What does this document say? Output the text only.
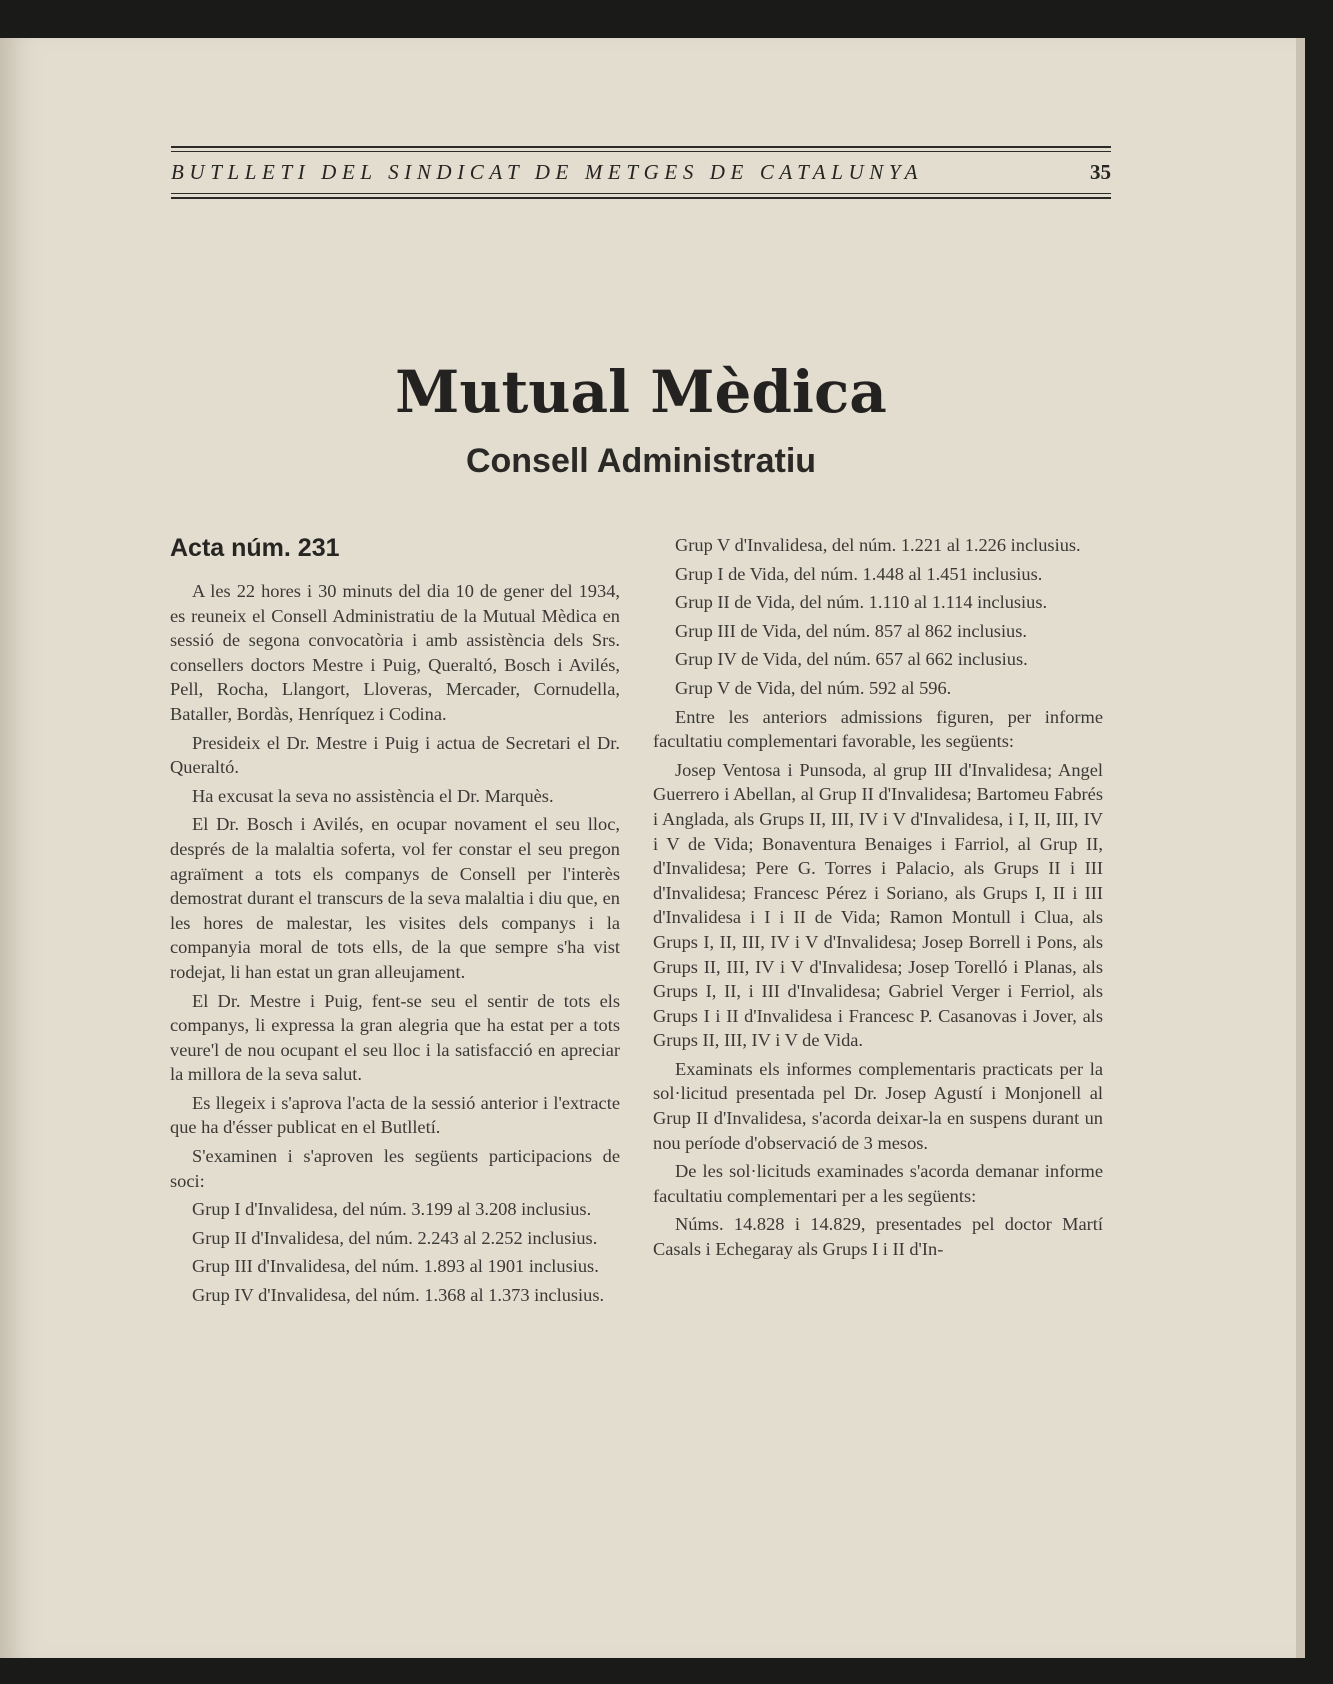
BUTLLETI DEL SINDICAT DE METGES DE CATALUNYA	35
Mutual Mèdica
Consell Administratiu
Acta núm. 231

A les 22 hores i 30 minuts del dia 10 de gener del 1934, es reuneix el Consell Administratiu de la Mutual Mèdica en sessió de segona convocatòria i amb assistència dels Srs. consellers doctors Mestre i Puig, Queraltó, Bosch i Avilés, Pell, Rocha, Llangort, Lloveras, Mercader, Cornudella, Bataller, Bordàs, Henríquez i Codina.

Presideix el Dr. Mestre i Puig i actua de Secretari el Dr. Queraltó.

Ha excusat la seva no assistència el Dr. Marquès.

El Dr. Bosch i Avilés, en ocupar novament el seu lloc, després de la malaltia soferta, vol fer constar el seu pregon agraïment a tots els companys de Consell per l'interès demostrat durant el transcurs de la seva malaltia i diu que, en les hores de malestar, les visites dels companys i la companyia moral de tots ells, de la que sempre s'ha vist rodejat, li han estat un gran alleujament.

El Dr. Mestre i Puig, fent-se seu el sentir de tots els companys, li expressa la gran alegria que ha estat per a tots veure'l de nou ocupant el seu lloc i la satisfacció en apreciar la millora de la seva salut.

Es llegeix i s'aprova l'acta de la sessió anterior i l'extracte que ha d'ésser publicat en el Butlletí.

S'examinen i s'aproven les següents participacions de soci:

Grup I d'Invalidesa, del núm. 3.199 al 3.208 inclusius.

Grup II d'Invalidesa, del núm. 2.243 al 2.252 inclusius.

Grup III d'Invalidesa, del núm. 1.893 al 1901 inclusius.

Grup IV d'Invalidesa, del núm. 1.368 al 1.373 inclusius.

Grup V d'Invalidesa, del núm. 1.221 al 1.226 inclusius.

Grup I de Vida, del núm. 1.448 al 1.451 inclusius.

Grup II de Vida, del núm. 1.110 al 1.114 inclusius.

Grup III de Vida, del núm. 857 al 862 inclusius.

Grup IV de Vida, del núm. 657 al 662 inclusius.

Grup V de Vida, del núm. 592 al 596.

Entre les anteriors admissions figuren, per informe facultatiu complementari favorable, les següents:

Josep Ventosa i Punsoda, al grup III d'Invalidesa; Angel Guerrero i Abellan, al Grup II d'Invalidesa; Bartomeu Fabrés i Anglada, als Grups II, III, IV i V d'Invalidesa, i I, II, III, IV i V de Vida; Bonaventura Benaiges i Farriol, al Grup II, d'Invalidesa; Pere G. Torres i Palacio, als Grups II i III d'Invalidesa; Francesc Pérez i Soriano, als Grups I, II i III d'Invalidesa i I i II de Vida; Ramon Montull i Clua, als Grups I, II, III, IV i V d'Invalidesa; Josep Borrell i Pons, als Grups II, III, IV i V d'Invalidesa; Josep Torelló i Planas, als Grups I, II, i III d'Invalidesa; Gabriel Verger i Ferriol, als Grups I i II d'Invalidesa i Francesc P. Casanovas i Jover, als Grups II, III, IV i V de Vida.

Examinats els informes complementaris practicats per la sol·licitud presentada pel Dr. Josep Agustí i Monjonell al Grup II d'Invalidesa, s'acorda deixar-la en suspens durant un nou període d'observació de 3 mesos.

De les sol·licituds examinades s'acorda demanar informe facultatiu complementari per a les següents:

Núms. 14.828 i 14.829, presentades pel doctor Martí Casals i Echegaray als Grups I i II d'In-
